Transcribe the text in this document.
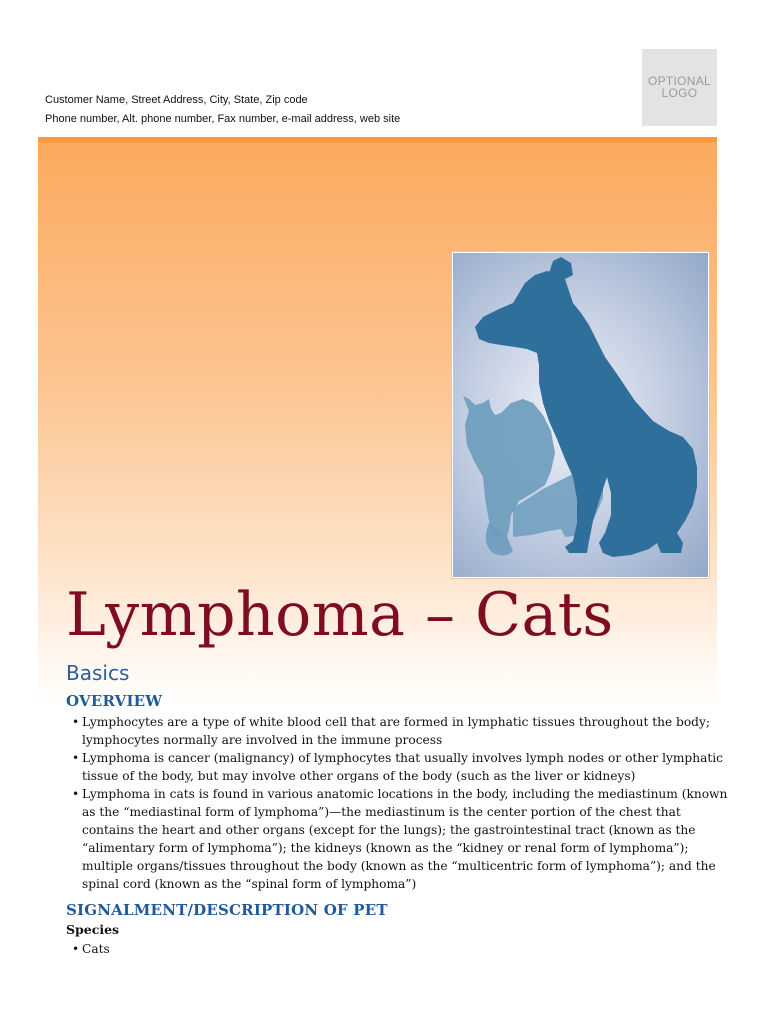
Customer Name, Street Address, City, State, Zip code
Phone number, Alt. phone number, Fax number, e-mail address, web site
OPTIONAL
LOGO
Lymphoma – Cats
Basics
OVERVIEW
• Lymphocytes are a type of white blood cell that are formed in lymphatic tissues throughout the body; lymphocytes normally are involved in the immune process
• Lymphoma is cancer (malignancy) of lymphocytes that usually involves lymph nodes or other lymphatic tissue of the body, but may involve other organs of the body (such as the liver or kidneys)
• Lymphoma in cats is found in various anatomic locations in the body, including the mediastinum (known as the “mediastinal form of lymphoma”)—the mediastinum is the center portion of the chest that contains the heart and other organs (except for the lungs); the gastrointestinal tract (known as the “alimentary form of lymphoma”); the kidneys (known as the “kidney or renal form of lymphoma”); multiple organs/tissues throughout the body (known as the “multicentric form of lymphoma”); and the spinal cord (known as the “spinal form of lymphoma”)
SIGNALMENT/DESCRIPTION OF PET
Species
• Cats
